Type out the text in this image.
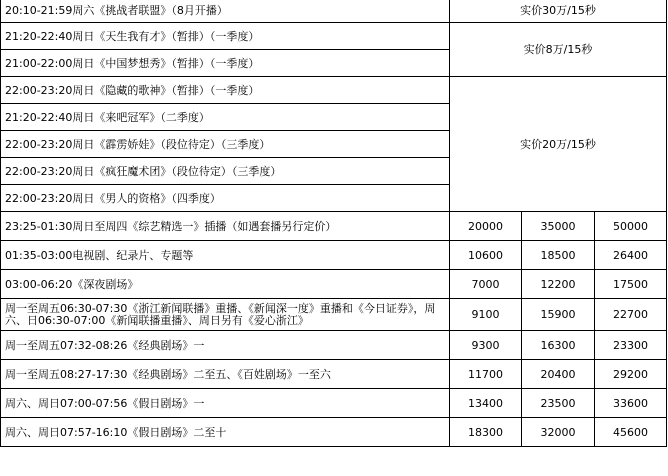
20:10-21:59周六《挑战者联盟》（8月开播）	实价30万/15秒		
21:20-22:40周日《天生我有才》（暂排）（一季度）	实价8万/15秒		
21:00-22:00周日《中国梦想秀》（暂排）（一季度）			
22:00-23:20周日《隐藏的歌神》（暂排）（一季度）	实价20万/15秒		
21:20-22:40周日《来吧冠军》（二季度）			
22:00-23:20周日《霹雳娇娃》（段位待定）（三季度）			
22:00-23:20周日《疯狂魔术团》（段位待定）（三季度）			
22:00-23:20周日《男人的资格》（四季度）			
23:25-01:30周日至周四《综艺精选一》插播（如遇套播另行定价）	20000	35000	50000
01:35-03:00电视剧、纪录片、专题等	10600	18500	26400
03:00-06:20《深夜剧场》	7000	12200	17500
周一至周五06:30-07:30《浙江新闻联播》重播、《新闻深一度》重播和《今日证券》，周六、日06:30-07:00《新闻联播重播》、周日另有《爱心浙江》	9100	15900	22700
周一至周五07:32-08:26《经典剧场》一	9300	16300	23300
周一至周五08:27-17:30《经典剧场》二至五、《百姓剧场》一至六	11700	20400	29200
周六、周日07:00-07:56《假日剧场》一	13400	23500	33600
周六、周日07:57-16:10《假日剧场》二至十	18300	32000	45600
